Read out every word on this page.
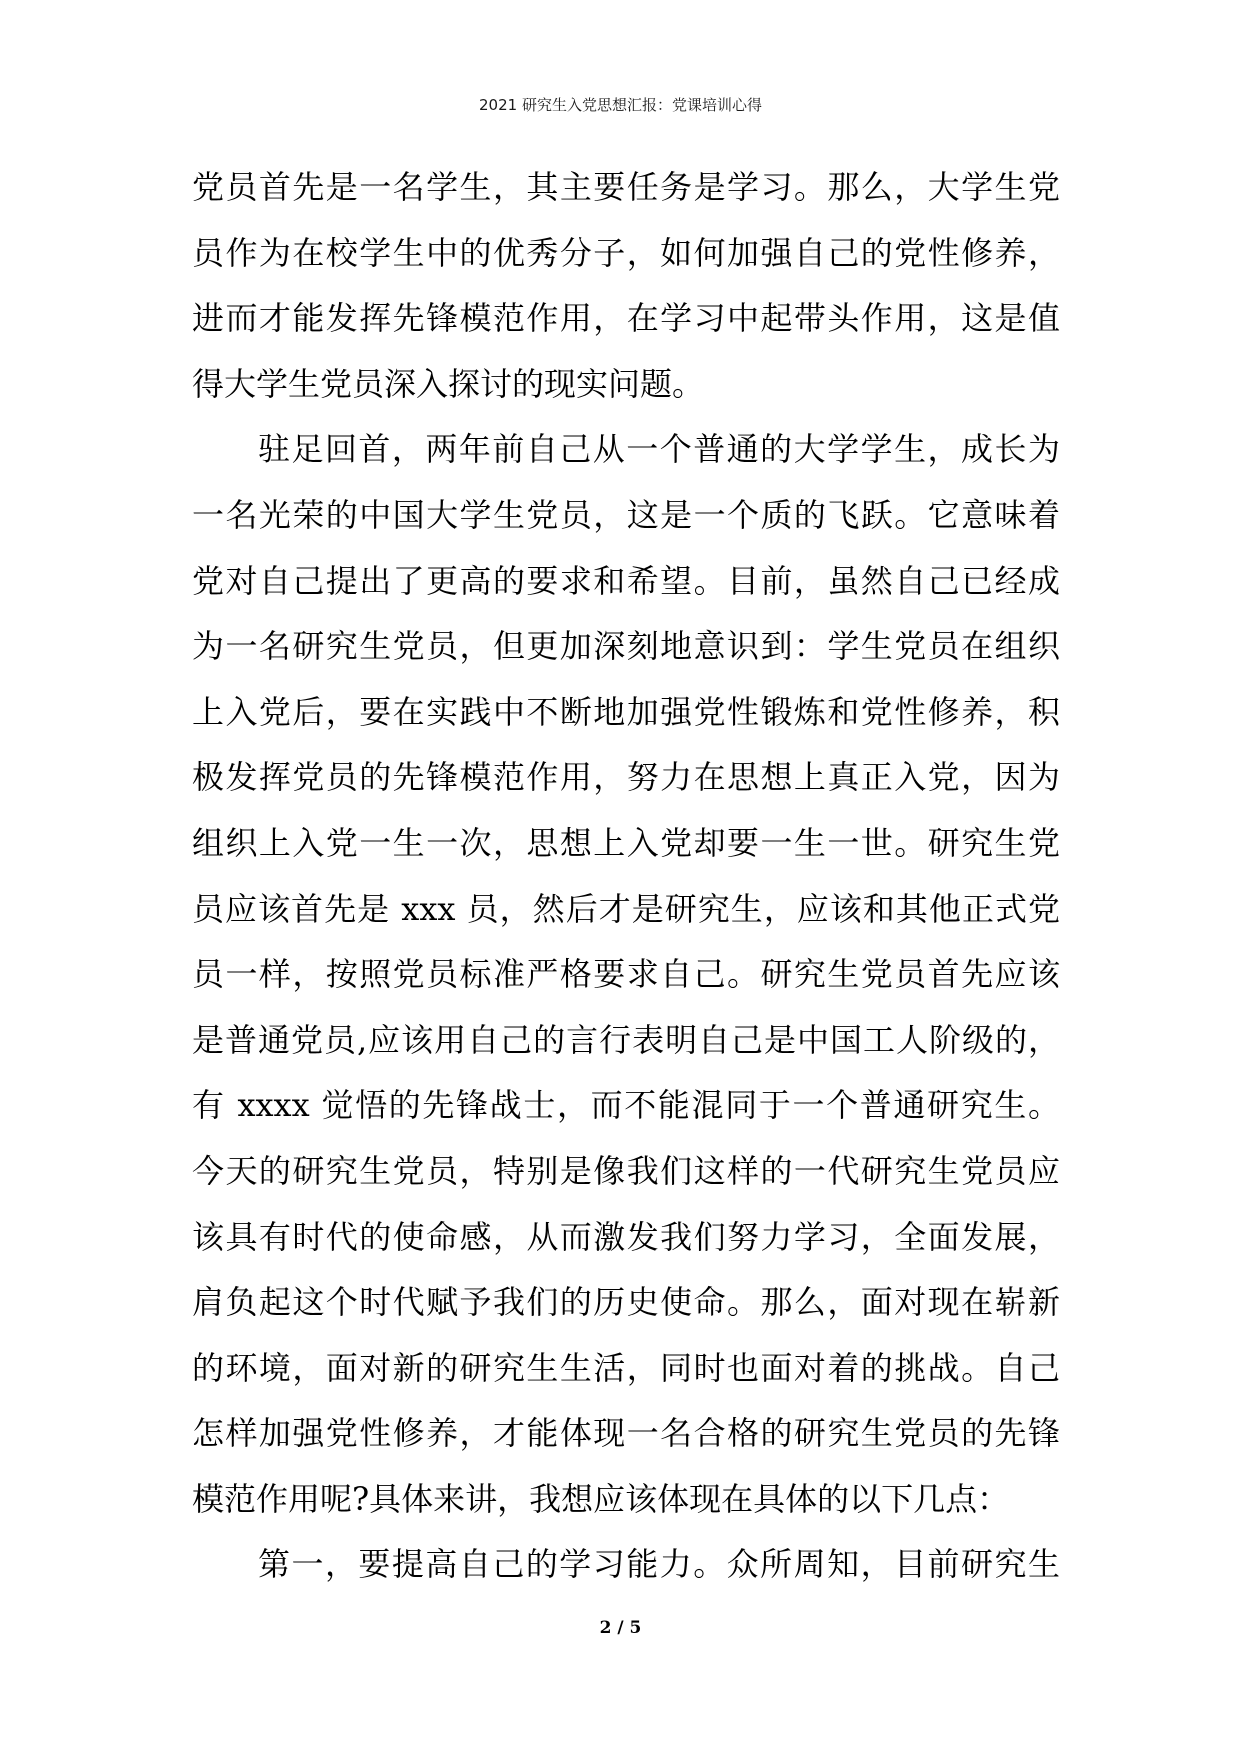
2021 研究生入党思想汇报：党课培训心得
党员首先是一名学生，其主要任务是学习。那么，大学生党
员作为在校学生中的优秀分子，如何加强自己的党性修养，
进而才能发挥先锋模范作用，在学习中起带头作用，这是值
得大学生党员深入探讨的现实问题。
驻足回首，两年前自己从一个普通的大学学生，成长为
一名光荣的中国大学生党员，这是一个质的飞跃。它意味着
党对自己提出了更高的要求和希望。目前，虽然自己已经成
为一名研究生党员，但更加深刻地意识到：学生党员在组织
上入党后，要在实践中不断地加强党性锻炼和党性修养，积
极发挥党员的先锋模范作用，努力在思想上真正入党，因为
组织上入党一生一次，思想上入党却要一生一世。研究生党
员应该首先是 xxx 员，然后才是研究生，应该和其他正式党
员一样，按照党员标准严格要求自己。研究生党员首先应该
是普通党员,应该用自己的言行表明自己是中国工人阶级的，
有 xxxx 觉悟的先锋战士，而不能混同于一个普通研究生。
今天的研究生党员，特别是像我们这样的一代研究生党员应
该具有时代的使命感，从而激发我们努力学习，全面发展，
肩负起这个时代赋予我们的历史使命。那么，面对现在崭新
的环境，面对新的研究生生活，同时也面对着的挑战。自己
怎样加强党性修养，才能体现一名合格的研究生党员的先锋
模范作用呢?具体来讲，我想应该体现在具体的以下几点：
第一，要提高自己的学习能力。众所周知，目前研究生
2 / 5
